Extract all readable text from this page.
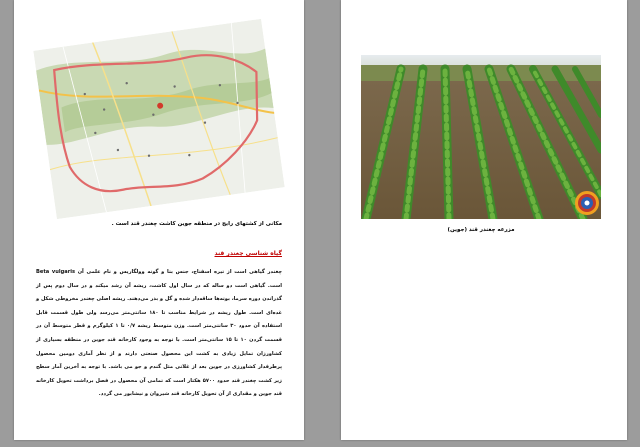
مکانی از کشتهای رایج در منطقه جوین کاشت چغندر قند است .
گیاه شناسی چغندر قند
چغندر گیاهی است از تیره اسفناج، جنس بتا و گونه وولگاریس و نام علمی آن Beta vulgaris است. گیاهی است دو ساله که در سال اول کاشت، ریشه آن رشد میکند و در سال دوم پس از گذراندن دوره سرما، بوته‌ها ساقه‌دار شده و گل و بذر می‌دهند. ریشه اصلی چغندر مخروطی شکل و غده‌ای است. طول ریشه در شرایط مناسب تا ۱۸۰ سانتی‌متر می‌رسد ولی طول قسمت قابل استفاده آن حدود ۳۰ سانتی‌متر است. وزن متوسط ریشه ۰/۷ تا ۱ کیلوگرم و قطر متوسط آن در قسمت گردن ۱۰ تا ۱۵ سانتی‌متر است. با توجه به وجود کارخانه قند جوین در منطقه بسیاری از کشاورزان تمایل زیادی به کشت این محصول صنعتی دارند و از نظر آماری دومین محصول پرطرفدار کشاورزی در جوین بعد از غلاتی مثل گندم و جو می باشد. با توجه به آخرین آمار سطح زیر کشت چغندر قند حدود ۵۷۰۰ هکتار است که تمامی آن محصول در فصل برداشت تحویل کارخانه قند جوین و مقداری از آن تحویل کارخانه قند شیروان و نیشابور می گردد.
مزرعه چغندر قند (جوین)
